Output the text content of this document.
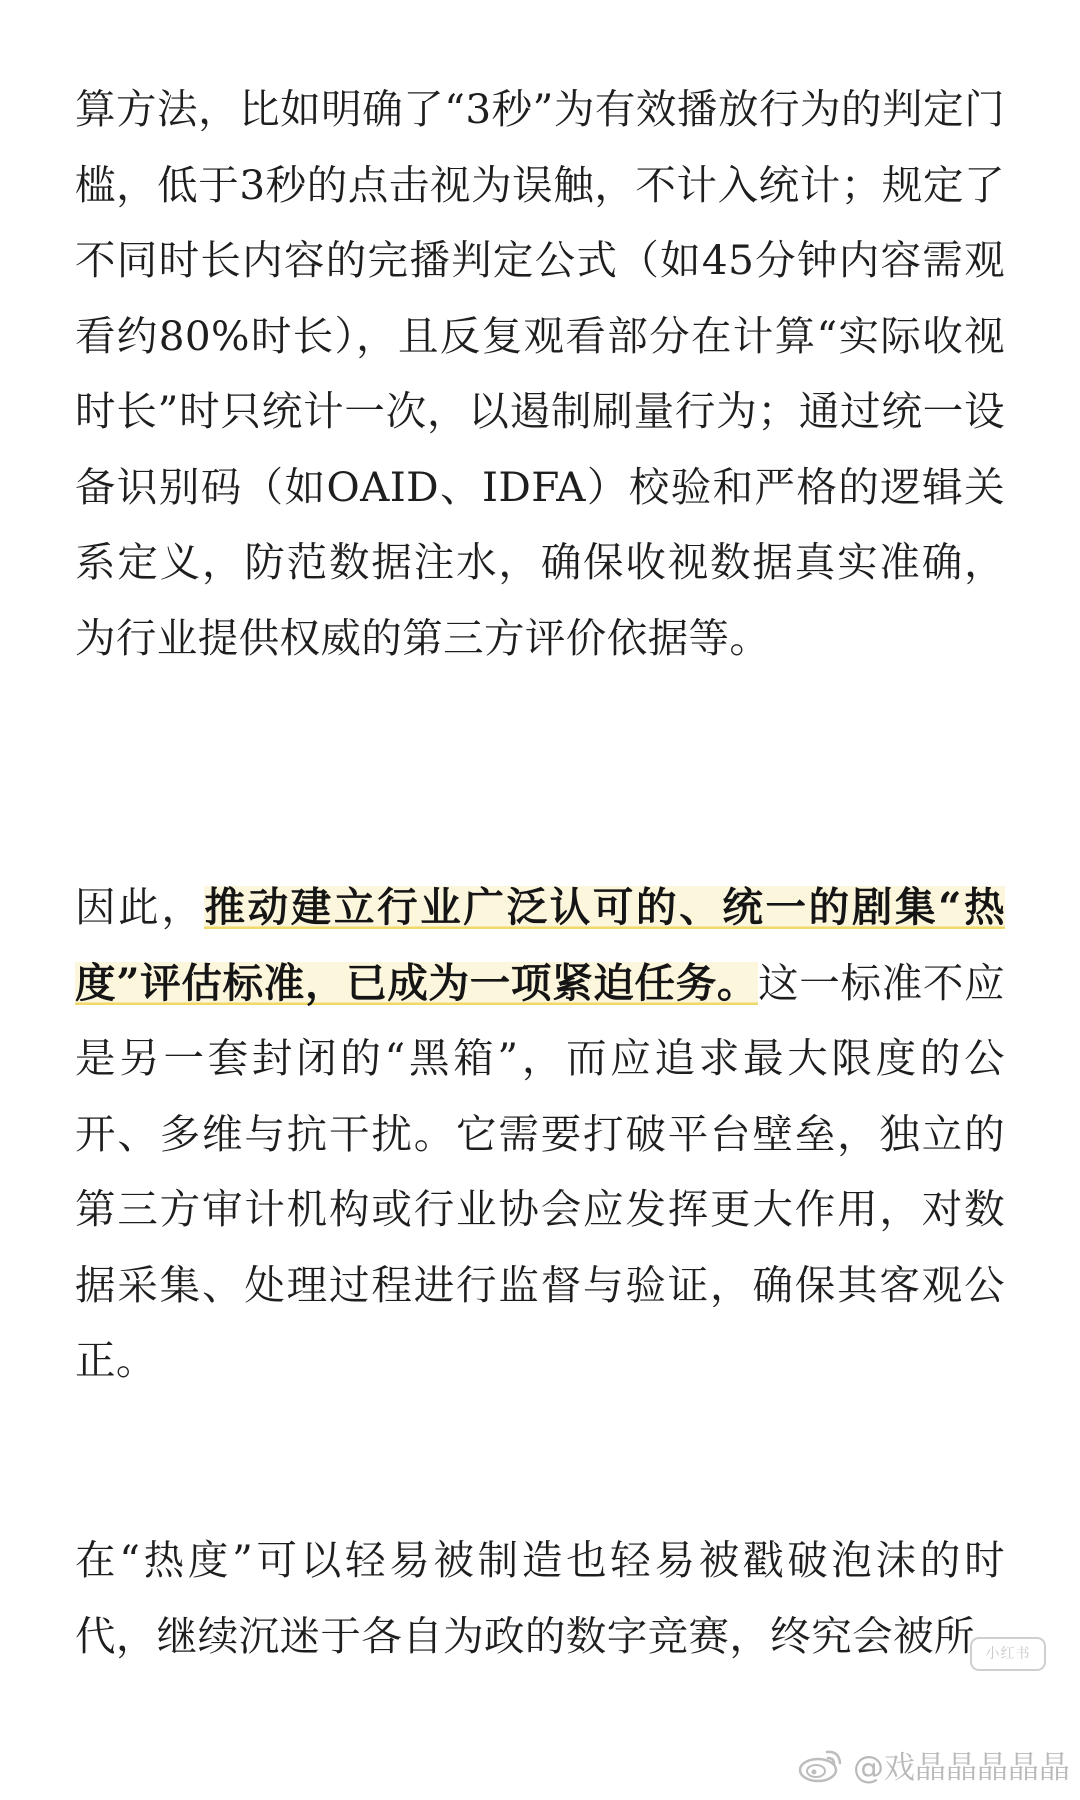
算方法，比如明确了“3秒”为有效播放行为的判定门槛，低于3秒的点击视为误触，不计入统计；规定了不同时长内容的完播判定公式（如45分钟内容需观看约80%时长），且反复观看部分在计算“实际收视时长”时只统计一次，以遏制刷量行为；通过统一设备识别码（如OAID、IDFA）校验和严格的逻辑关系定义，防范数据注水，确保收视数据真实准确，为行业提供权威的第三方评价依据等。

因此，推动建立行业广泛认可的、统一的剧集“热度”评估标准，已成为一项紧迫任务。这一标准不应是另一套封闭的“黑箱”，而应追求最大限度的公开、多维与抗干扰。它需要打破平台壁垒，独立的第三方审计机构或行业协会应发挥更大作用，对数据采集、处理过程进行监督与验证，确保其客观公正。

在“热度”可以轻易被制造也轻易被戳破泡沫的时代，继续沉迷于各自为政的数字竞赛，终究会被所 小红书
@戏晶晶晶晶晶
